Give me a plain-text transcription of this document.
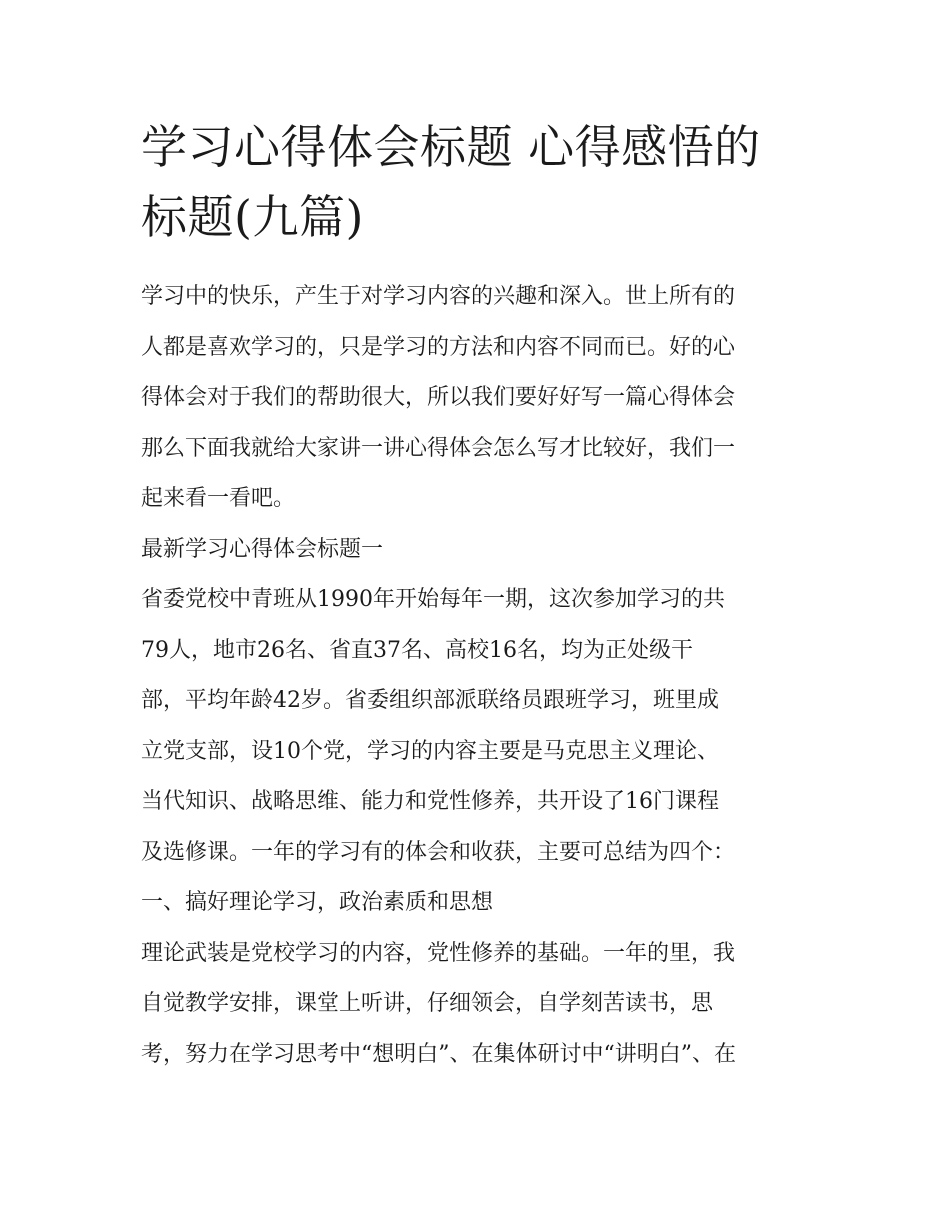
学习心得体会标题 心得感悟的
标题(九篇)

学习中的快乐，产生于对学习内容的兴趣和深入。世上所有的
人都是喜欢学习的，只是学习的方法和内容不同而已。好的心
得体会对于我们的帮助很大，所以我们要好好写一篇心得体会
那么下面我就给大家讲一讲心得体会怎么写才比较好，我们一
起来看一看吧。

最新学习心得体会标题一

省委党校中青班从1990年开始每年一期，这次参加学习的共
79人，地市26名、省直37名、高校16名，均为正处级干
部，平均年龄42岁。省委组织部派联络员跟班学习，班里成
立党支部，设10个党，学习的内容主要是马克思主义理论、
当代知识、战略思维、能力和党性修养，共开设了16门课程
及选修课。一年的学习有的体会和收获，主要可总结为四个：

一、搞好理论学习，政治素质和思想

理论武装是党校学习的内容，党性修养的基础。一年的里，我
自觉教学安排，课堂上听讲，仔细领会，自学刻苦读书，思
考，努力在学习思考中“想明白”、在集体研讨中“讲明白”、在
